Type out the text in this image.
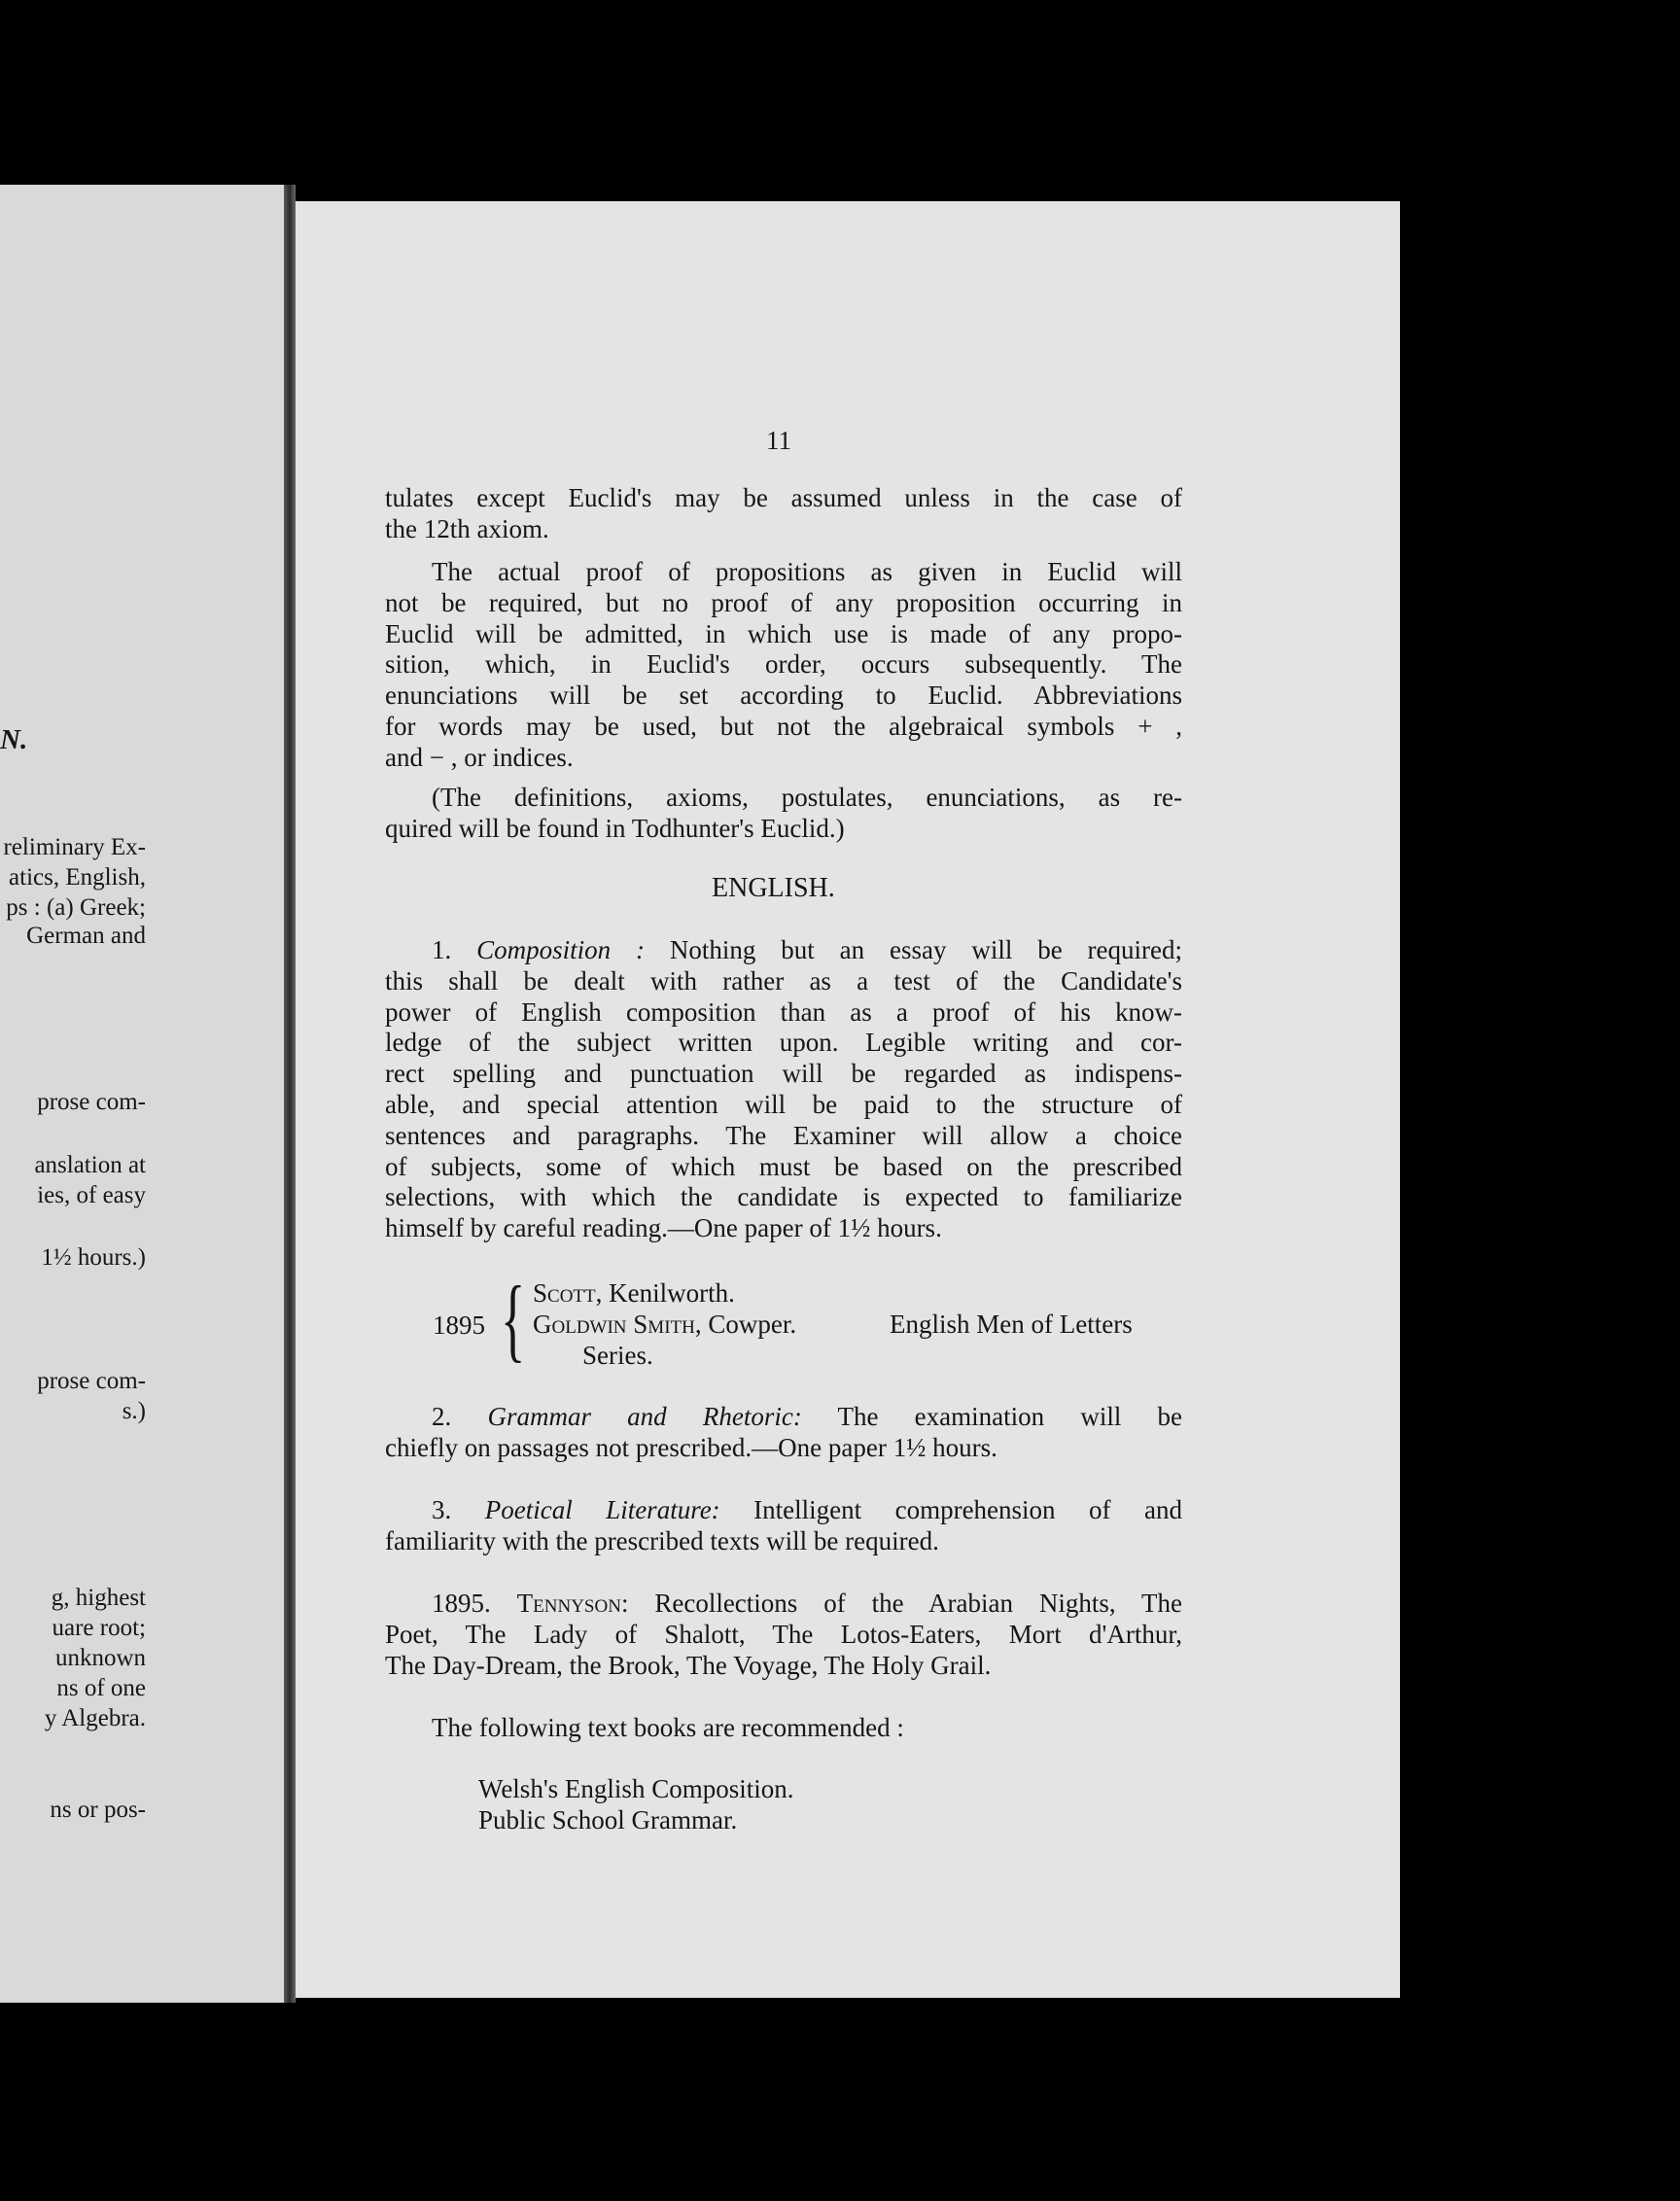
N.
reliminary Ex-
atics, English,
ps : (a) Greek;
German and
prose com-
anslation at
ies, of easy
1½ hours.)
prose com-
s.)
g, highest
uare root;
unknown
ns of one
y Algebra.
ns or pos-
11
tulates except Euclid's may be assumed unless in the case of
the 12th axiom.
The actual proof of propositions as given in Euclid will
not be required, but no proof of any proposition occurring in
Euclid will be admitted, in which use is made of any propo-
sition, which, in Euclid's order, occurs subsequently. The
enunciations will be set according to Euclid. Abbreviations
for words may be used, but not the algebraical symbols + ,
and − , or indices.
(The definitions, axioms, postulates, enunciations, as re-
quired will be found in Todhunter's Euclid.)
ENGLISH.
1. Composition : Nothing but an essay will be required;
this shall be dealt with rather as a test of the Candidate's
power of English composition than as a proof of his know-
ledge of the subject written upon. Legible writing and cor-
rect spelling and punctuation will be regarded as indispens-
able, and special attention will be paid to the structure of
sentences and paragraphs. The Examiner will allow a choice
of subjects, some of which must be based on the prescribed
selections, with which the candidate is expected to familiarize
himself by careful reading.—One paper of 1½ hours.
1895 { Scott, Kenilworth.
Goldwin Smith, Cowper.	English Men of Letters
Series.
2. Grammar and Rhetoric: The examination will be
chiefly on passages not prescribed.—One paper 1½ hours.
3. Poetical Literature: Intelligent comprehension of and
familiarity with the prescribed texts will be required.
1895. Tennyson: Recollections of the Arabian Nights, The
Poet, The Lady of Shalott, The Lotos-Eaters, Mort d'Arthur,
The Day-Dream, the Brook, The Voyage, The Holy Grail.
The following text books are recommended :
Welsh's English Composition.
Public School Grammar.
